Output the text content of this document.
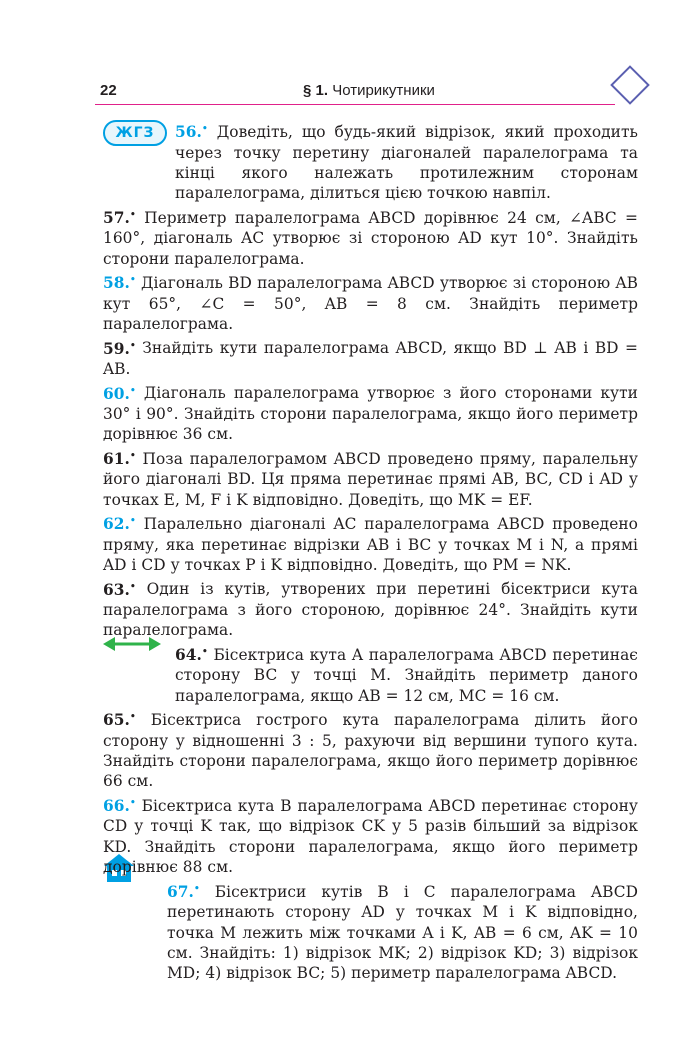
22	§ 1. Чотирикутники
ЖГЗ	56.• Доведіть, що будь-який відрізок, який проходить через точку перетину діагоналей паралелограма та кінці якого належать протилежним сторонам паралелограма, ділиться цією точкою навпіл.
57.• Периметр паралелограма ABCD дорівнює 24 см, ∠ABC = 160°, діагональ AC утворює зі стороною AD кут 10°. Знайдіть сторони паралелограма.
58.• Діагональ BD паралелограма ABCD утворює зі стороною AB кут 65°, ∠C = 50°, AB = 8 см. Знайдіть периметр паралелограма.
59.• Знайдіть кути паралелограма ABCD, якщо BD ⊥ AB і BD = AB.
60.• Діагональ паралелограма утворює з його сторонами кути 30° і 90°. Знайдіть сторони паралелограма, якщо його периметр дорівнює 36 см.
61.• Поза паралелограмом ABCD проведено пряму, паралельну його діагоналі BD. Ця пряма перетинає прямі AB, BC, CD і AD у точках E, M, F і K відповідно. Доведіть, що MK = EF.
62.• Паралельно діагоналі AC паралелограма ABCD проведено пряму, яка перетинає відрізки AB і BC у точках M і N, а прямі AD і CD у точках P і K відповідно. Доведіть, що PM = NK.
63.• Один із кутів, утворених при перетині бісектриси кута паралелограма з його стороною, дорівнює 24°. Знайдіть кути паралелограма.
64.• Бісектриса кута A паралелограма ABCD перетинає сторону BC у точці M. Знайдіть периметр даного паралелограма, якщо AB = 12 см, MC = 16 см.
65.• Бісектриса гострого кута паралелограма ділить його сторону у відношенні 3 : 5, рахуючи від вершини тупого кута. Знайдіть сторони паралелограма, якщо його периметр дорівнює 66 см.
66.• Бісектриса кута B паралелограма ABCD перетинає сторону CD у точці K так, що відрізок CK у 5 разів більший за відрізок KD. Знайдіть сторони паралелограма, якщо його периметр дорівнює 88 см.
67.• Бісектриси кутів B і C паралелограма ABCD перетинають сторону AD у точках M і K відповідно, точка M лежить між точками A і K, AB = 6 см, AK = 10 см. Знайдіть: 1) відрізок MK; 2) відрізок KD; 3) відрізок MD; 4) відрізок BC; 5) периметр паралелограма ABCD.
